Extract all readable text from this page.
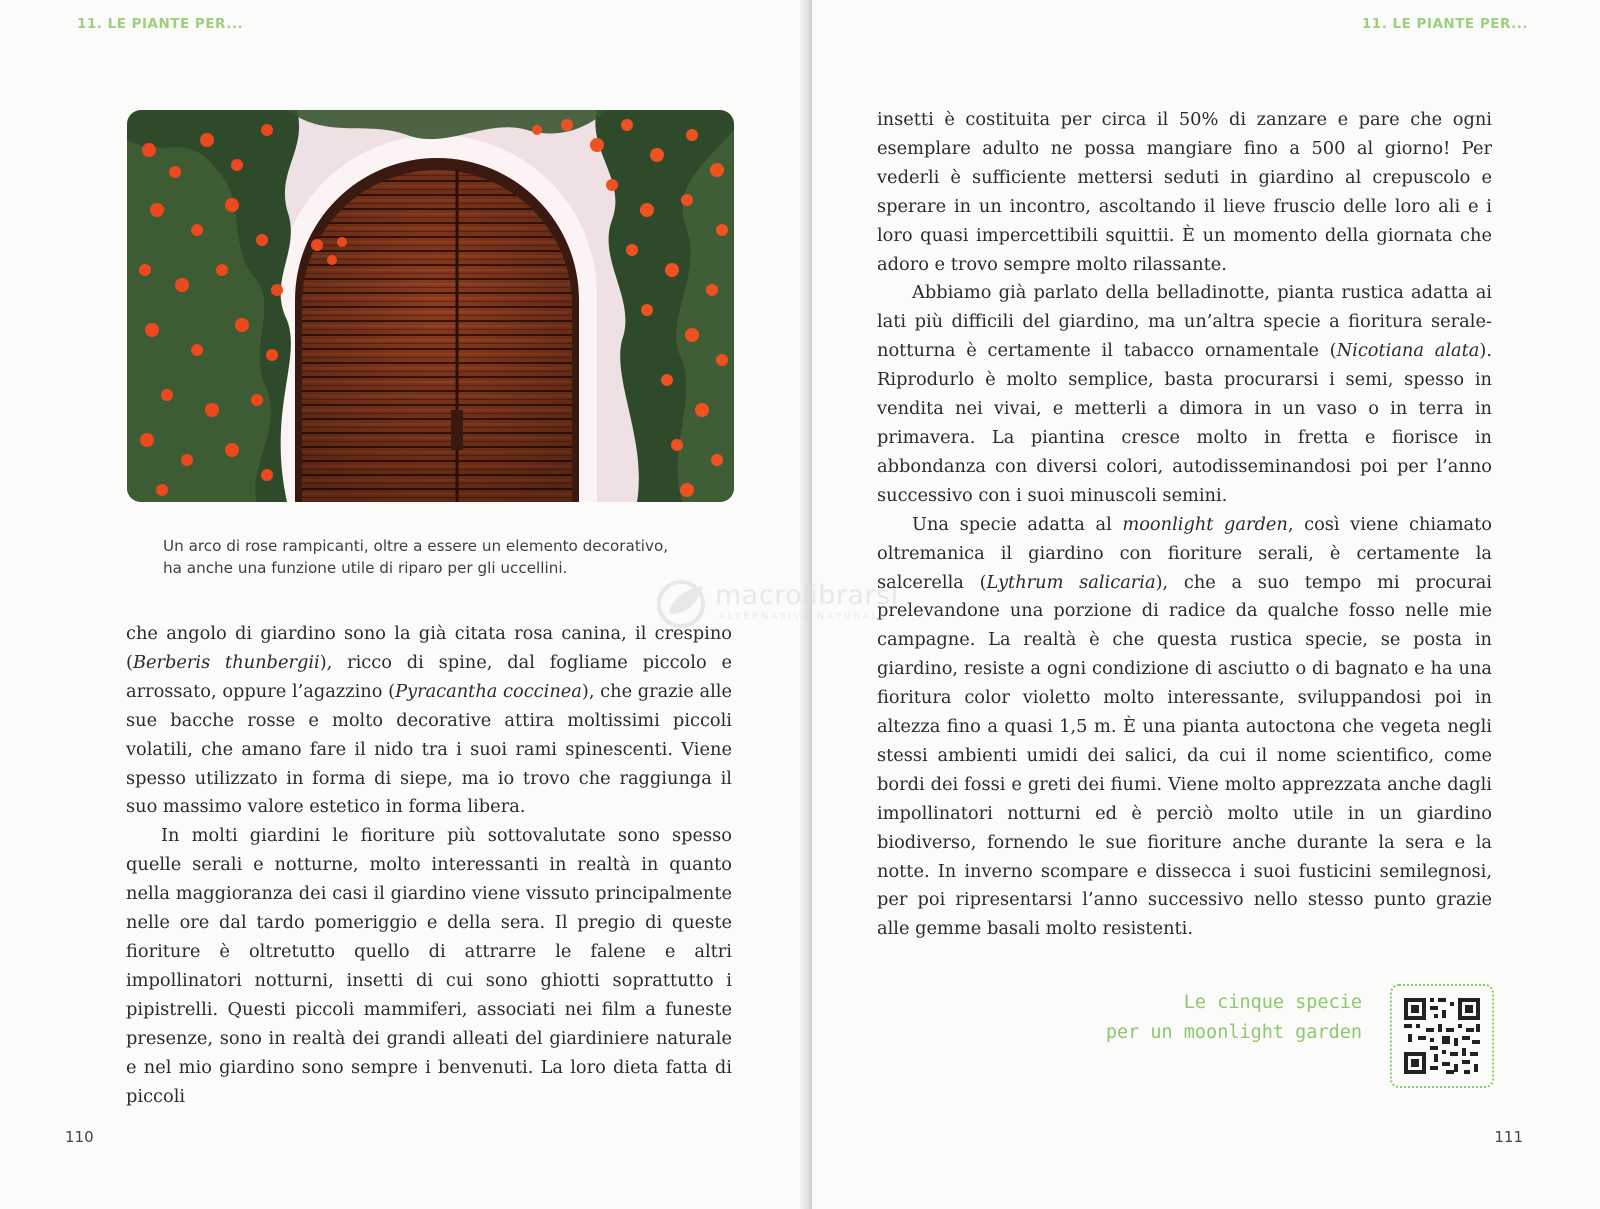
11. LE PIANTE PER...
Un arco di rose rampicanti, oltre a essere un elemento decorativo,
ha anche una funzione utile di riparo per gli uccellini.

che angolo di giardino sono la già citata rosa canina, il crespino (Berberis thunbergii), ricco di spine, dal fogliame piccolo e arrossato, oppure l’agazzino (Pyracantha coccinea), che grazie alle sue bacche rosse e molto decorative attira moltissimi piccoli volatili, che amano fare il nido tra i suoi rami spinescenti. Viene spesso utilizzato in forma di siepe, ma io trovo che raggiunga il suo massimo valore estetico in forma libera.

In molti giardini le fioriture più sottovalutate sono spesso quelle serali e notturne, molto interessanti in realtà in quanto nella maggioranza dei casi il giardino viene vissuto principalmente nelle ore dal tardo pomeriggio e della sera. Il pregio di queste fioriture è oltretutto quello di attrarre le falene e altri impollinatori notturni, insetti di cui sono ghiotti soprattutto i pipistrelli. Questi piccoli mammiferi, associati nei film a funeste presenze, sono in realtà dei grandi alleati del giardiniere naturale e nel mio giardino sono sempre i benvenuti. La loro dieta fatta di piccoli

110
11. LE PIANTE PER...

insetti è costituita per circa il 50% di zanzare e pare che ogni esemplare adulto ne possa mangiare fino a 500 al giorno! Per vederli è sufficiente mettersi seduti in giardino al crepuscolo e sperare in un incontro, ascoltando il lieve fruscio delle loro ali e i loro quasi impercettibili squittii. È un momento della giornata che adoro e trovo sempre molto rilassante.

Abbiamo già parlato della belladinotte, pianta rustica adatta ai lati più difficili del giardino, ma un’altra specie a fioritura serale-notturna è certamente il tabacco ornamentale (Nicotiana alata). Riprodurlo è molto semplice, basta procurarsi i semi, spesso in vendita nei vivai, e metterli a dimora in un vaso o in terra in primavera. La piantina cresce molto in fretta e fiorisce in abbondanza con diversi colori, autodisseminandosi poi per l’anno successivo con i suoi minuscoli semini.

Una specie adatta al moonlight garden, così viene chiamato oltremanica il giardino con fioriture serali, è certamente la salcerella (Lythrum salicaria), che a suo tempo mi procurai prelevandone una porzione di radice da qualche fosso nelle mie campagne. La realtà è che questa rustica specie, se posta in giardino, resiste a ogni condizione di asciutto o di bagnato e ha una fioritura color violetto molto interessante, sviluppandosi poi in altezza fino a quasi 1,5 m. È una pianta autoctona che vegeta negli stessi ambienti umidi dei salici, da cui il nome scientifico, come bordi dei fossi e greti dei fiumi. Viene molto apprezzata anche dagli impollinatori notturni ed è perciò molto utile in un giardino biodiverso, fornendo le sue fioriture anche durante la sera e la notte. In inverno scompare e dissecca i suoi fusticini semilegnosi, per poi ripresentarsi l’anno successivo nello stesso punto grazie alle gemme basali molto resistenti.

111
Le cinque specie
per un moonlight garden
macrolibrarsi
ALTERNATIVA NATURALE
